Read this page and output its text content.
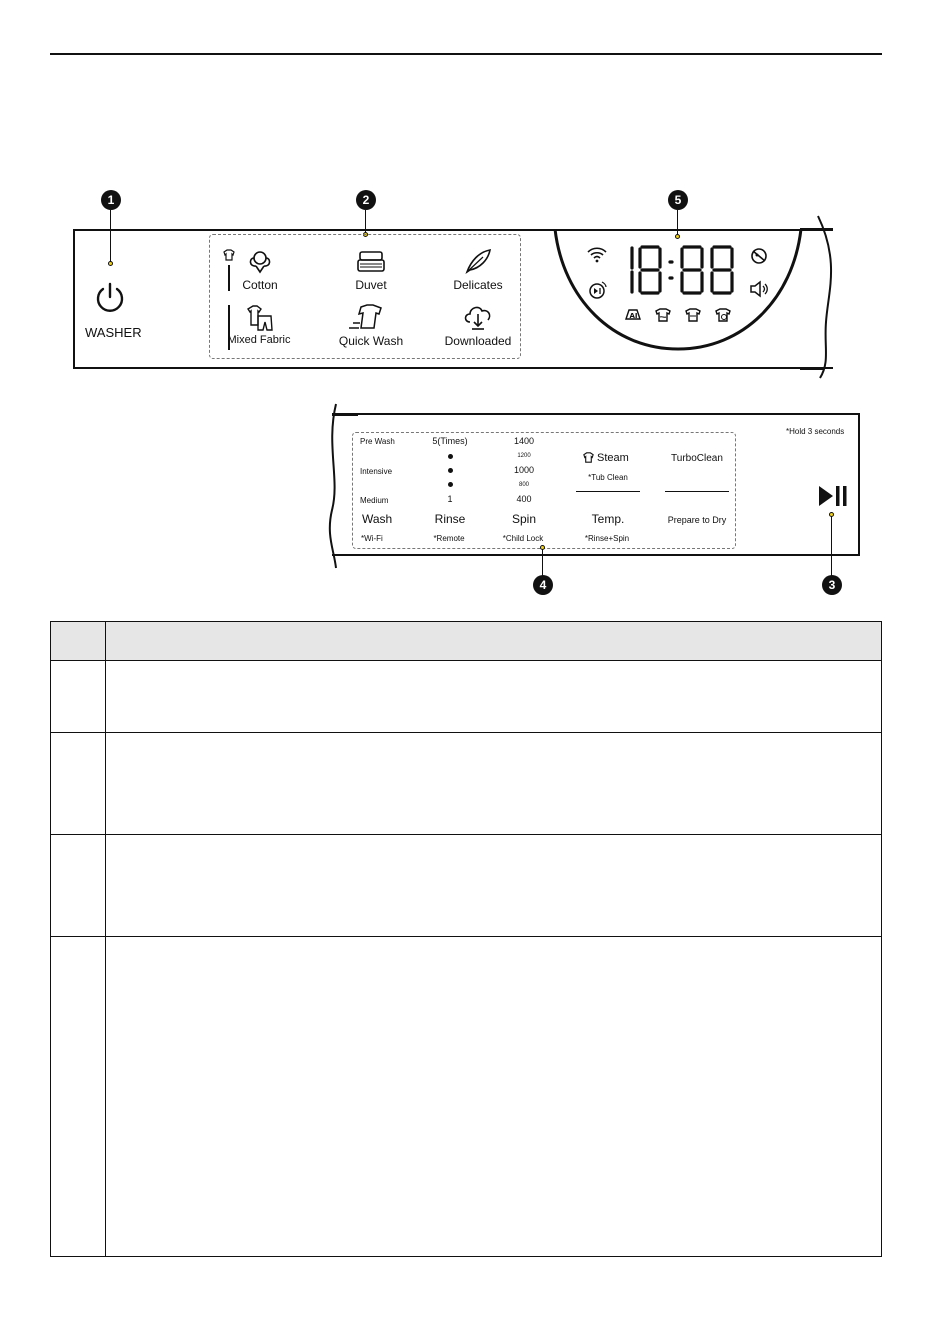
1
WASHER
2
Cotton	Duvet	Delicates
Mixed Fabric	Quick Wash	Downloaded
5
AI
*Hold 3 seconds
Pre Wash
Intensive
Medium
Wash
*Wi-Fi
5(Times)
1
Rinse
*Remote
1400
1200
1000
800
400
Spin
*Child Lock
Steam
*Tub Clean
Temp.
*Rinse+Spin
TurboClean
Prepare to Dry
3
4
